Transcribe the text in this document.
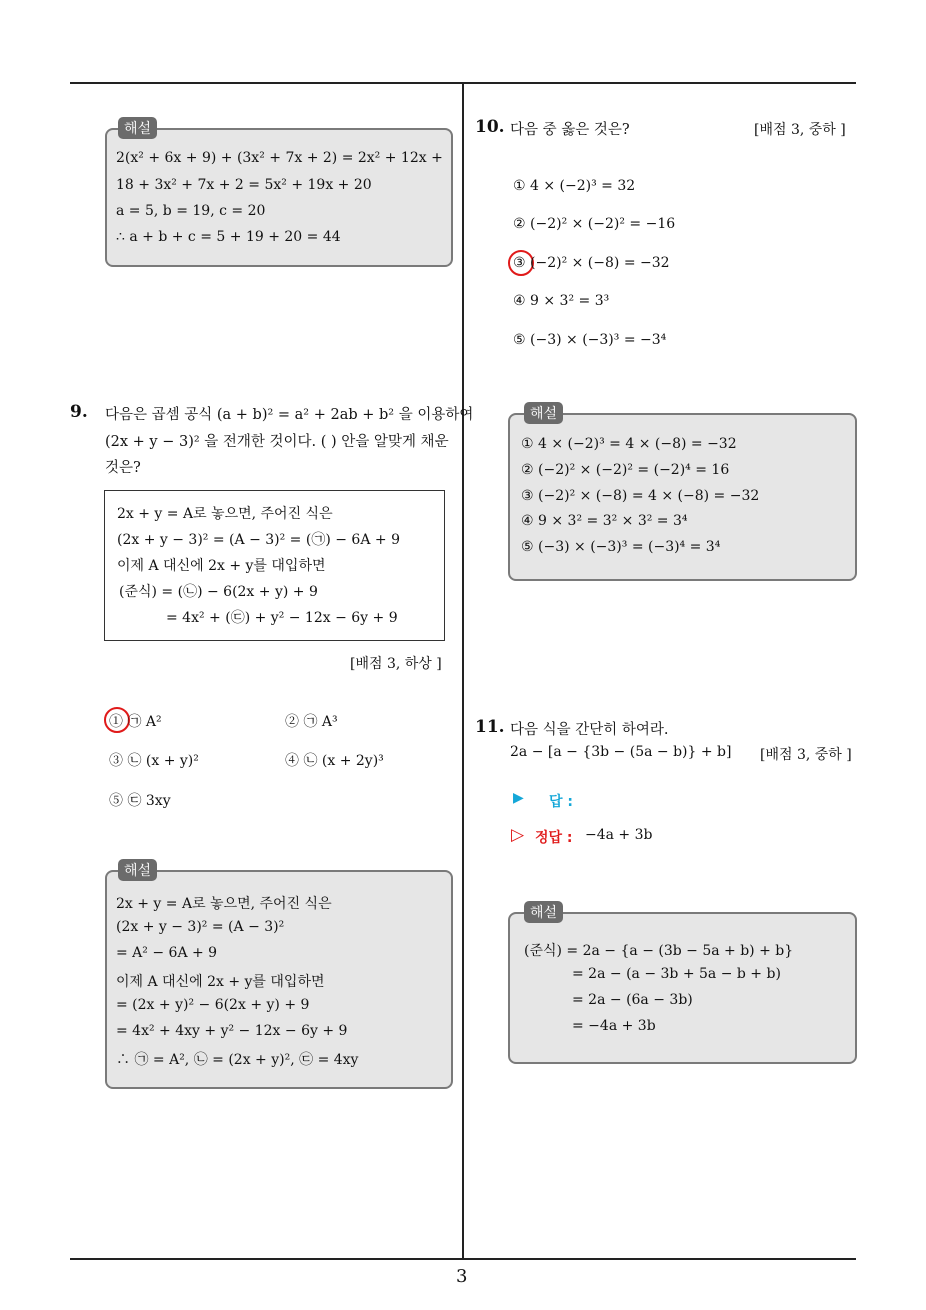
해설
2(x² + 6x + 9) + (3x² + 7x + 2) = 2x² + 12x +
18 + 3x² + 7x + 2 = 5x² + 19x + 20
a = 5, b = 19, c = 20
∴ a + b + c = 5 + 19 + 20 = 44
9. 다음은 곱셈 공식 (a + b)² = a² + 2ab + b² 을 이용하여
(2x + y − 3)² 을 전개한 것이다. ( ) 안을 알맞게 채운
것은?
2x + y = A로 놓으면, 주어진 식은
(2x + y − 3)² = (A − 3)² = (㉠) − 6A + 9
이제 A 대신에 2x + y를 대입하면
(준식) = (㉡) − 6(2x + y) + 9
= 4x² + (㉢) + y² − 12x − 6y + 9
[배점 3, 하상 ]
① ㉠ A²	② ㉠ A³
③ ㉡ (x + y)²	④ ㉡ (x + 2y)³
⑤ ㉢ 3xy
해설
2x + y = A로 놓으면, 주어진 식은
(2x + y − 3)² = (A − 3)²
= A² − 6A + 9
이제 A 대신에 2x + y를 대입하면
= (2x + y)² − 6(2x + y) + 9
= 4x² + 4xy + y² − 12x − 6y + 9
∴ ㉠ = A², ㉡ = (2x + y)², ㉢ = 4xy
10. 다음 중 옳은 것은?	[배점 3, 중하 ]
① 4 × (−2)³ = 32
② (−2)² × (−2)² = −16
③ (−2)² × (−8) = −32
④ 9 × 3² = 3³
⑤ (−3) × (−3)³ = −3⁴
해설
① 4 × (−2)³ = 4 × (−8) = −32
② (−2)² × (−2)² = (−2)⁴ = 16
③ (−2)² × (−8) = 4 × (−8) = −32
④ 9 × 3² = 3² × 3² = 3⁴
⑤ (−3) × (−3)³ = (−3)⁴ = 3⁴
11. 다음 식을 간단히 하여라.
2a − [a − {3b − (5a − b)} + b] [배점 3, 중하 ]
▶ 답 :
▷ 정답 : −4a + 3b
해설
(준식) = 2a − {a − (3b − 5a + b) + b}
= 2a − (a − 3b + 5a − b + b)
= 2a − (6a − 3b)
= −4a + 3b
3
